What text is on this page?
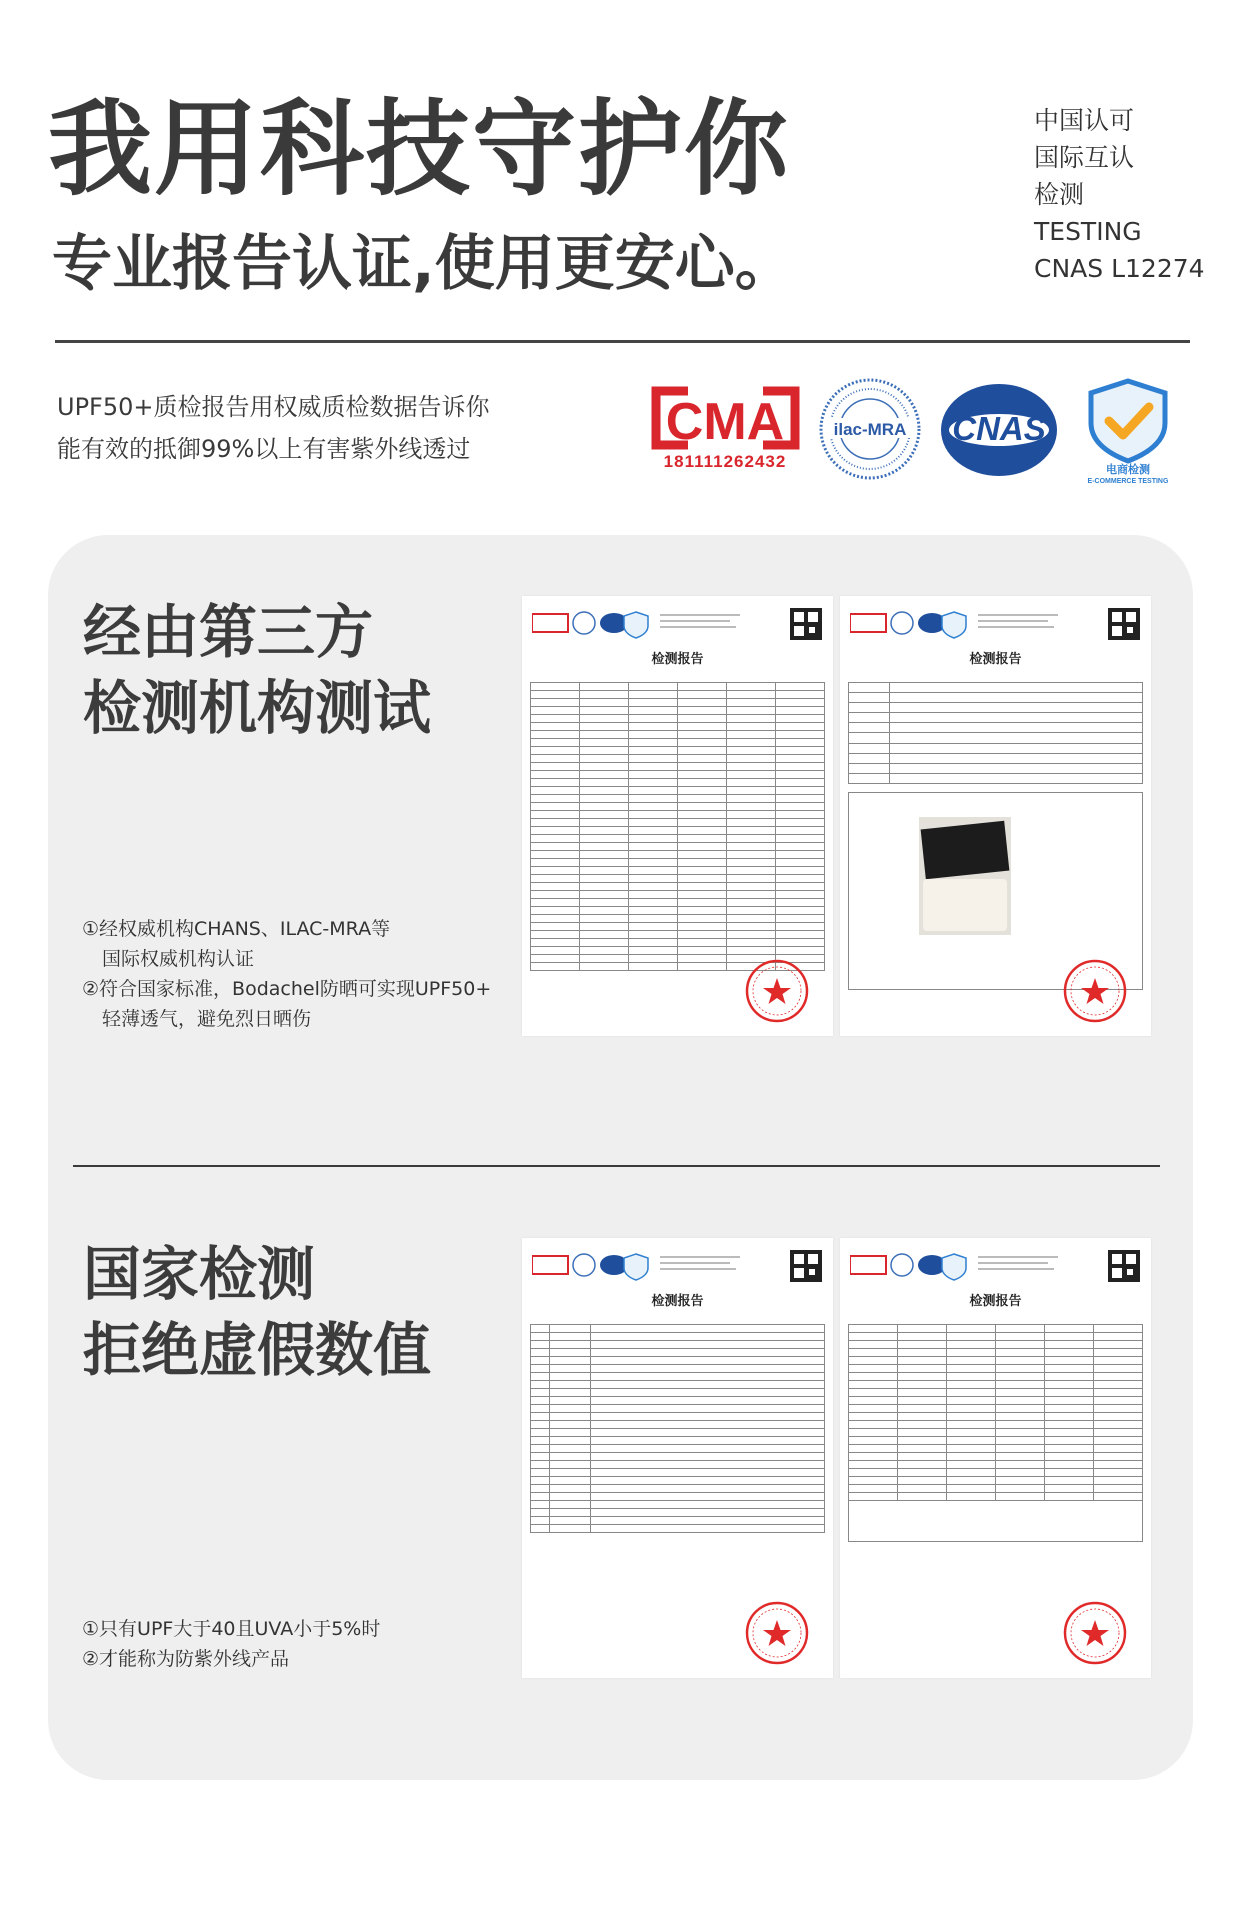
我用科技守护你
专业报告认证,使用更安心。
中国认可
国际互认
检测
TESTING
CNAS L12274
UPF50+质检报告用权威质检数据告诉你
能有效的抵御99%以上有害紫外线透过	CMA
181111262432
ilac-MRA CNAS
电商检测
E-COMMERCE TESTING
经由第三方
检测机构测试
①经权威机构CHANS、ILAC-MRA等
国际权威机构认证
②符合国家标准，Bodachel防晒可实现UPF50+
轻薄透气，避免烈日晒伤
检测报告

						检测报告

国家检测
拒绝虚假数值
①只有UPF大于40且UVA小于5%时
②才能称为防紫外线产品
检测报告

			检测报告
